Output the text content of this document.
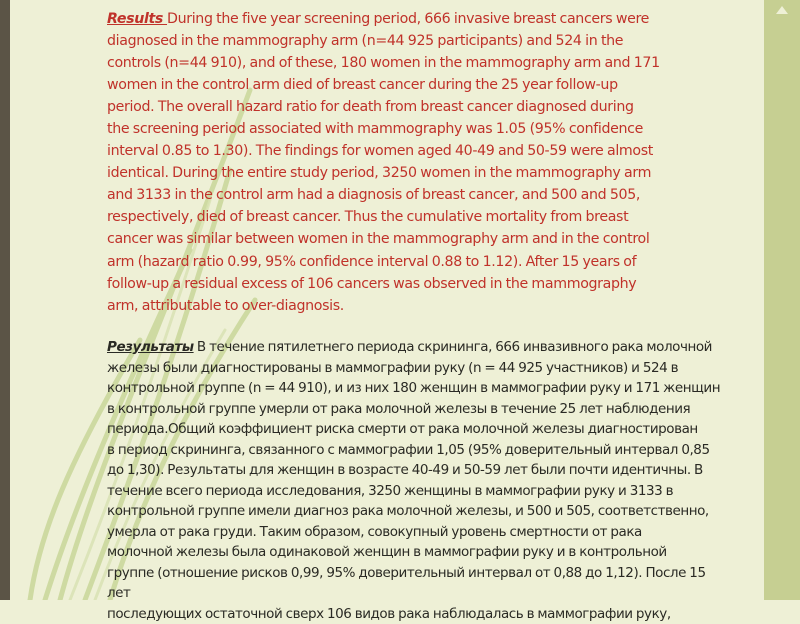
Results During the five year screening period, 666 invasive breast cancers were
diagnosed in the mammography arm (n=44 925 participants) and 524 in the
controls (n=44 910), and of these, 180 women in the mammography arm and 171
women in the control arm died of breast cancer during the 25 year follow-up
period. The overall hazard ratio for death from breast cancer diagnosed during
the screening period associated with mammography was 1.05 (95% confidence
interval 0.85 to 1.30). The findings for women aged 40-49 and 50-59 were almost
identical. During the entire study period, 3250 women in the mammography arm
and 3133 in the control arm had a diagnosis of breast cancer, and 500 and 505,
respectively, died of breast cancer. Thus the cumulative mortality from breast
cancer was similar between women in the mammography arm and in the control
arm (hazard ratio 0.99, 95% confidence interval 0.88 to 1.12). After 15 years of
follow-up a residual excess of 106 cancers was observed in the mammography
arm, attributable to over-diagnosis.
Результаты В течение пятилетнего периода скрининга, 666 инвазивного рака молочной
железы были диагностированы в маммографии руку (n = 44 925 участников) и 524 в
контрольной группе (n = 44 910), и из них 180 женщин в маммографии руку и 171 женщин
в контрольной группе умерли от рака молочной железы в течение 25 лет наблюдения
периода.Общий коэффициент риска смерти от рака молочной железы диагностирован
в период скрининга, связанного с маммографии 1,05 (95% доверительный интервал 0,85
до 1,30). Результаты для женщин в возрасте 40-49 и 50-59 лет были почти идентичны. В
течение всего периода исследования, 3250 женщины в маммографии руку и 3133 в
контрольной группе имели диагноз рака молочной железы, и 500 и 505, соответственно,
умерла от рака груди. Таким образом, совокупный уровень смертности от рака
молочной железы была одинаковой женщин в маммографии руку и в контрольной
группе (отношение рисков 0,99, 95% доверительный интервал от 0,88 до 1,12). После 15 лет
последующих остаточной сверх 106 видов рака наблюдалась в маммографии руку,
